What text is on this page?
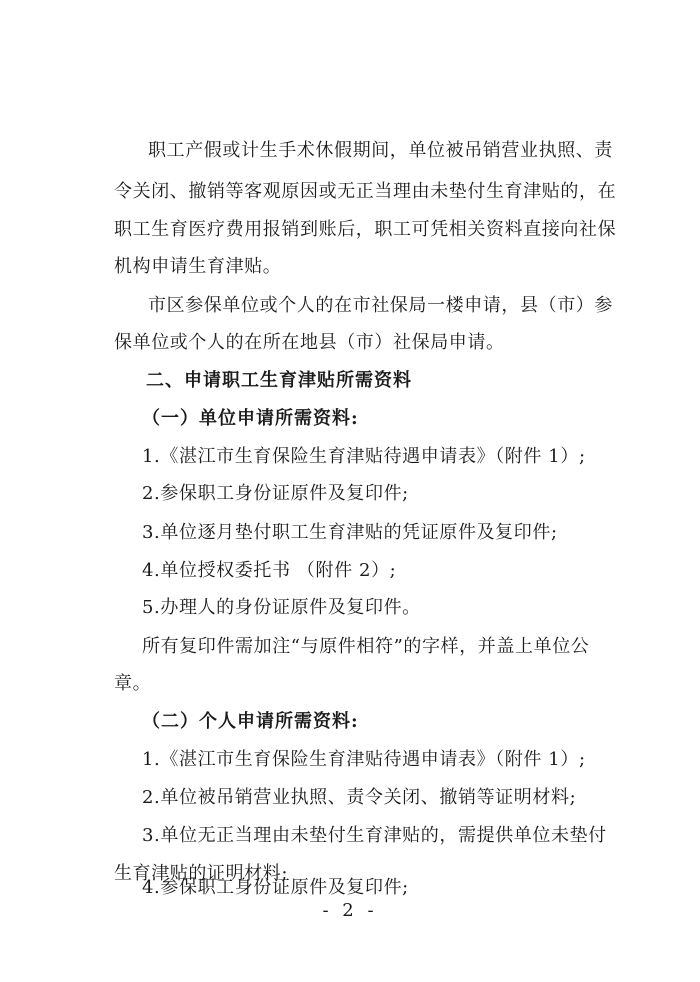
职工产假或计生手术休假期间，单位被吊销营业执照、责
令关闭、撤销等客观原因或无正当理由未垫付生育津贴的，在
职工生育医疗费用报销到账后，职工可凭相关资料直接向社保
机构申请生育津贴。
市区参保单位或个人的在市社保局一楼申请，县（市）参
保单位或个人的在所在地县（市）社保局申请。
二、申请职工生育津贴所需资料
（一）单位申请所需资料:
1.《湛江市生育保险生育津贴待遇申请表》（附件 1）;
2.参保职工身份证原件及复印件;
3.单位逐月垫付职工生育津贴的凭证原件及复印件;
4.单位授权委托书 （附件 2）;
5.办理人的身份证原件及复印件。
所有复印件需加注“与原件相符”的字样，并盖上单位公
章。
（二）个人申请所需资料:
1.《湛江市生育保险生育津贴待遇申请表》（附件 1）;
2.单位被吊销营业执照、责令关闭、撤销等证明材料;
3.单位无正当理由未垫付生育津贴的，需提供单位未垫付
生育津贴的证明材料;
4.参保职工身份证原件及复印件;
- 2 -
